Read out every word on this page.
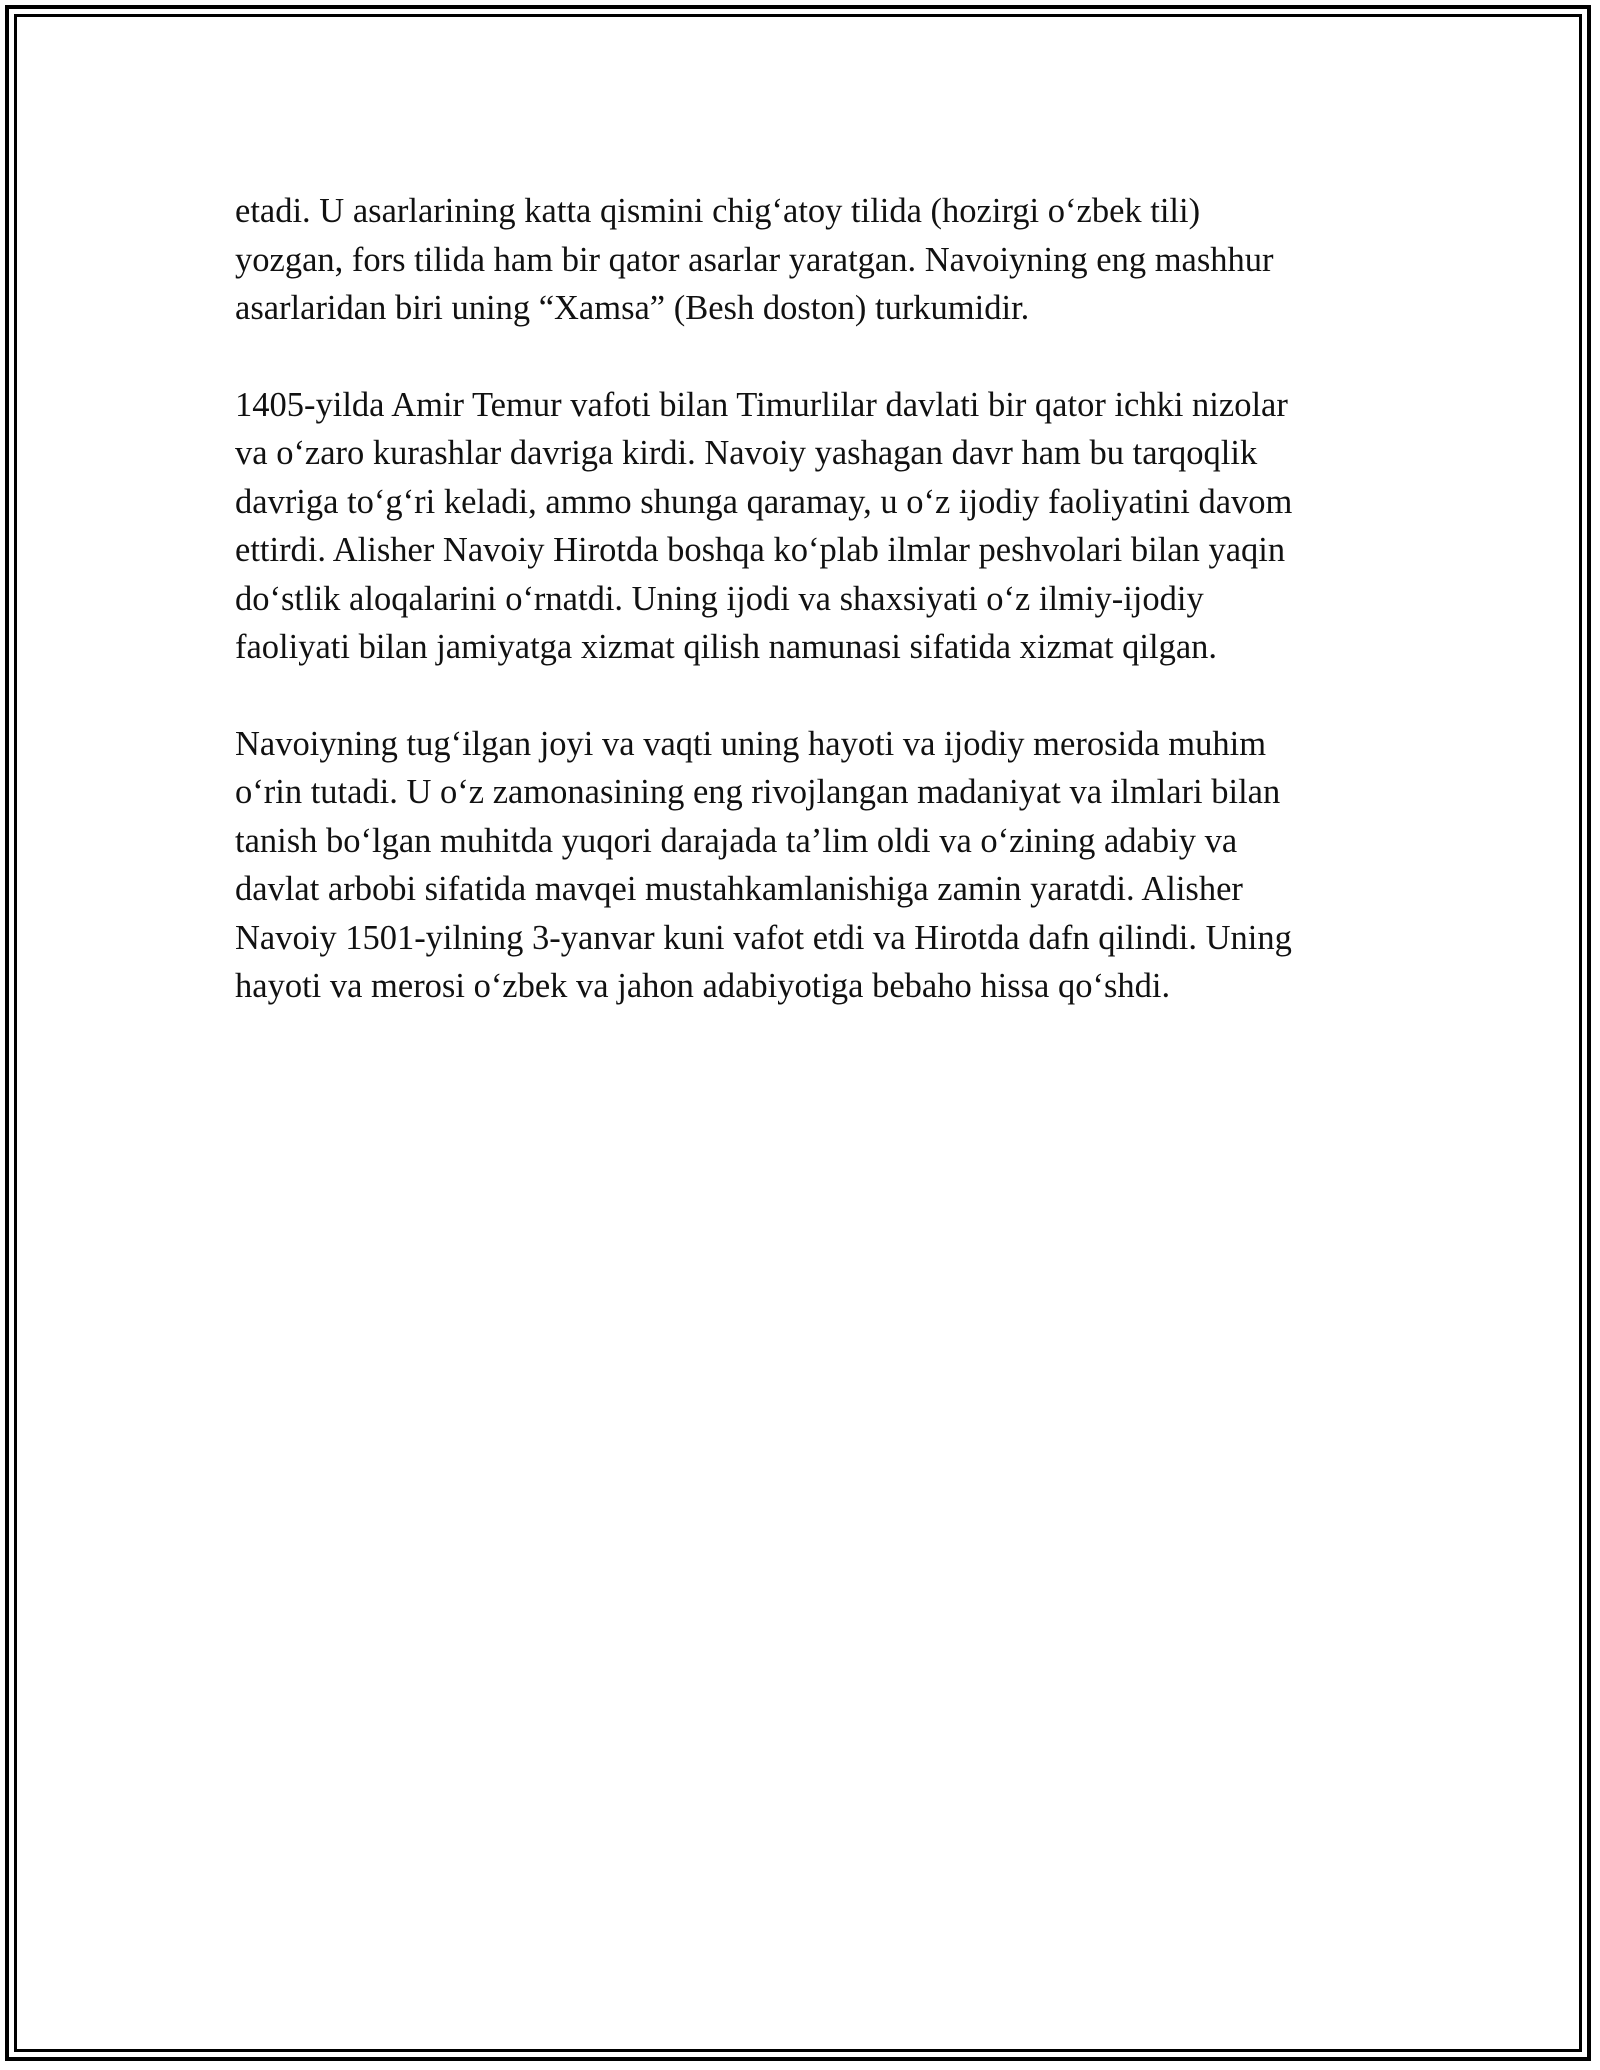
etadi. U asarlarining katta qismini chig‘atoy tilida (hozirgi o‘zbek tili)
yozgan, fors tilida ham bir qator asarlar yaratgan. Navoiyning eng mashhur
asarlaridan biri uning “Xamsa” (Besh doston) turkumidir.

1405-yilda Amir Temur vafoti bilan Timurlilar davlati bir qator ichki nizolar
va o‘zaro kurashlar davriga kirdi. Navoiy yashagan davr ham bu tarqoqlik
davriga to‘g‘ri keladi, ammo shunga qaramay, u o‘z ijodiy faoliyatini davom
ettirdi. Alisher Navoiy Hirotda boshqa ko‘plab ilmlar peshvolari bilan yaqin
do‘stlik aloqalarini o‘rnatdi. Uning ijodi va shaxsiyati o‘z ilmiy-ijodiy
faoliyati bilan jamiyatga xizmat qilish namunasi sifatida xizmat qilgan.

Navoiyning tug‘ilgan joyi va vaqti uning hayoti va ijodiy merosida muhim
o‘rin tutadi. U o‘z zamonasining eng rivojlangan madaniyat va ilmlari bilan
tanish bo‘lgan muhitda yuqori darajada ta’lim oldi va o‘zining adabiy va
davlat arbobi sifatida mavqei mustahkamlanishiga zamin yaratdi. Alisher
Navoiy 1501-yilning 3-yanvar kuni vafot etdi va Hirotda dafn qilindi. Uning
hayoti va merosi o‘zbek va jahon adabiyotiga bebaho hissa qo‘shdi.
